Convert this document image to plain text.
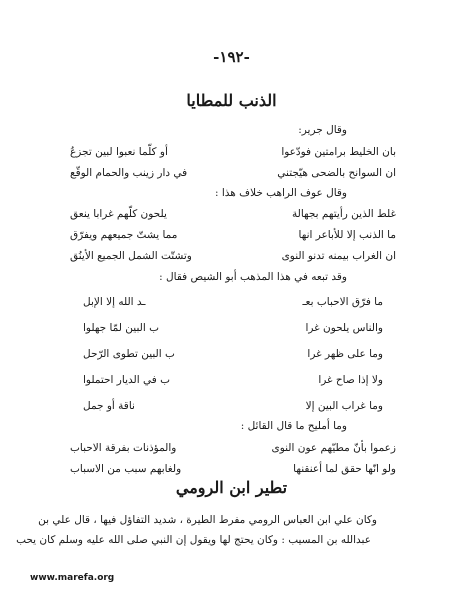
-١٩٢-
الذنب للمطايا
وقال جرير:
بان الخليط برامتين فودّعوا
أو كلّما نعبوا لبين تجزعُ
ان السوانح بالضحى هيّجتني
في دار زينب والحمام الوقّع
وقال عوف الراهب خلاف هذا :
غلط الذين رأيتهم بجهالة
يلحون كلّهم غرابا ينعق
ما الذنب إلا للأباعر انها
مما يشتّ جميعهم ويفرّق
ان الغراب بيمنه تدنو النوى
وتشتّت الشمل الجميع الأينُق
وقد تبعه في هذا المذهب أبو الشيص فقال :
ما فرّق الاحباب بعـ
ـد الله إلا الإبل
والناس يلحون غرا
ب البين لمّا جهلوا
وما على ظهر غرا
ب البين تطوى الرّحل
ولا إذا صاح غرا
ب في الديار احتملوا
وما غراب البين إلا
ناقة أو جمل
وما أمليح ما قال القائل :
زعموا بأنّ مطيّهم عون النوى
والمؤذنات بفرقة الاحباب
ولو انّها حقق لما أعنقنها
ولغابهم سبب من الاسباب
تطير ابن الرومي
وكان علي ابن العباس الرومي مفرط الطيرة ، شديد التفاؤل فيها ، قال علي بن
عبدالله بن المسيب : وكان يحتج لها ويقول إن النبي صلى الله عليه وسلم كان يحب
www.marefa.org
